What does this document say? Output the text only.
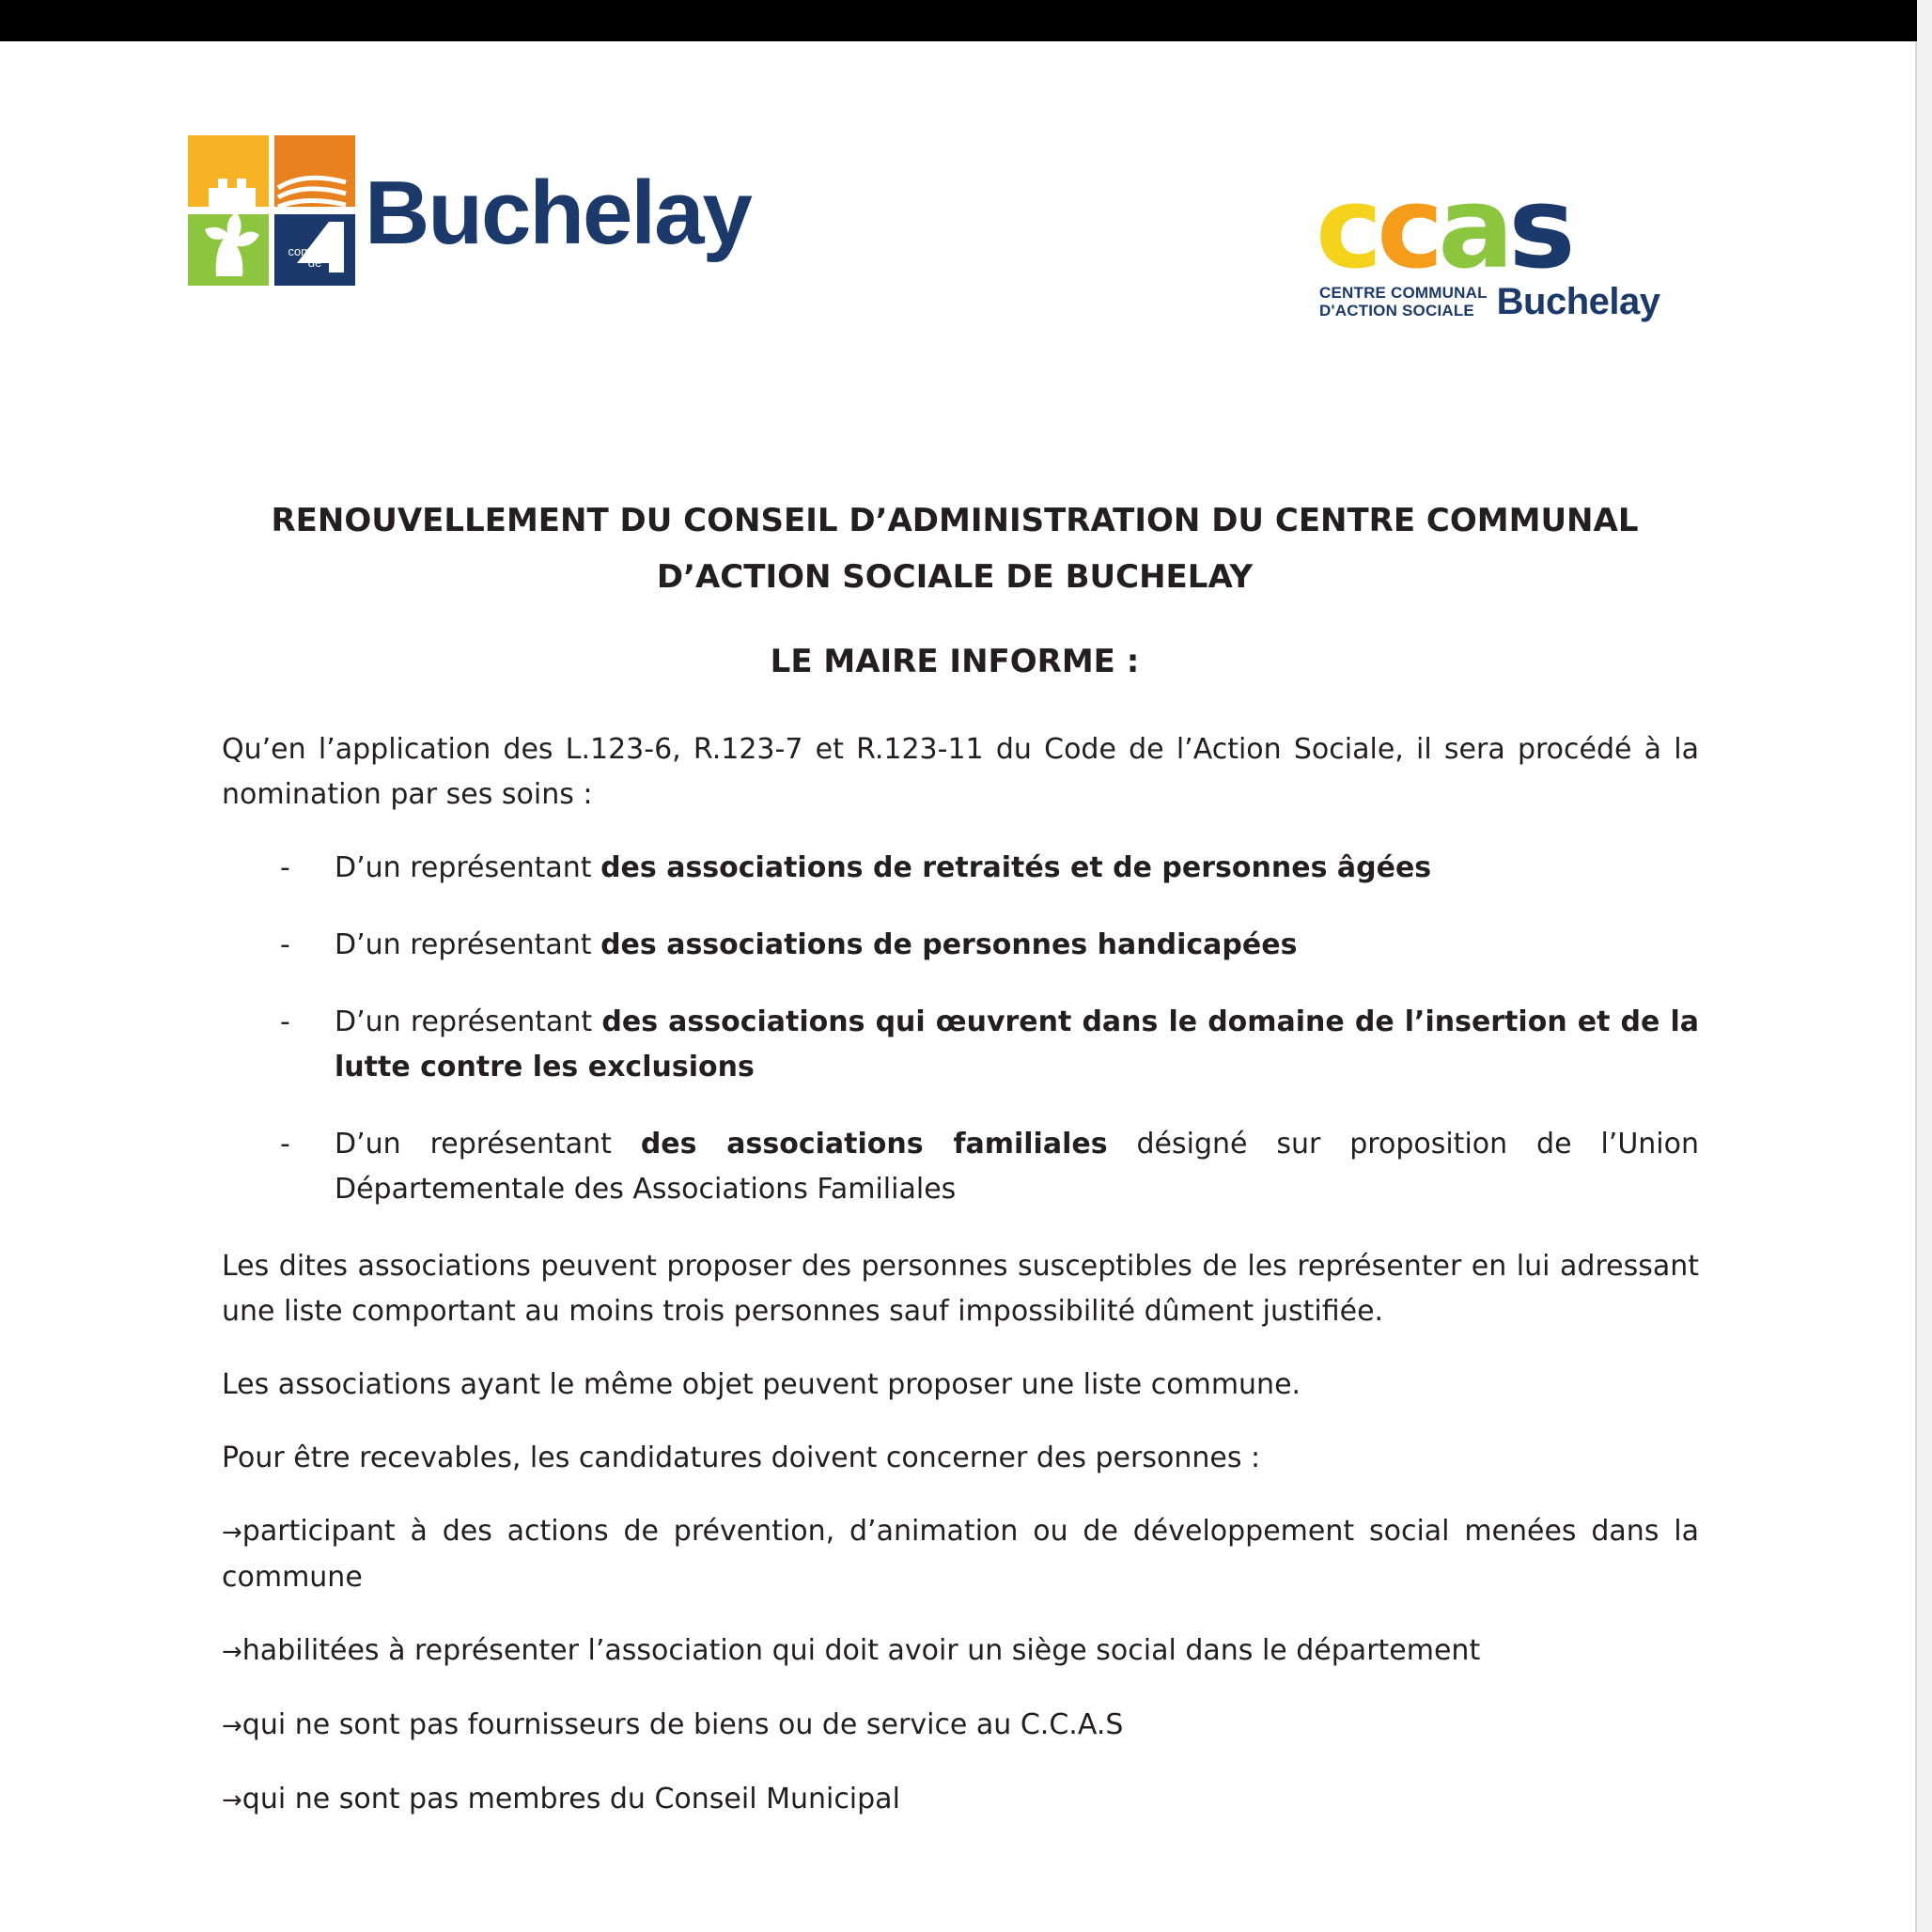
commune
de Buchelay	ccas
CENTRE COMMUNAL
D'ACTION SOCIALE Buchelay
RENOUVELLEMENT DU CONSEIL D’ADMINISTRATION DU CENTRE COMMUNAL D’ACTION SOCIALE DE BUCHELAY
LE MAIRE INFORME :

Qu’en l’application des L.123-6, R.123-7 et R.123-11 du Code de l’Action Sociale, il sera procédé à la nomination par ses soins :

- D’un représentant des associations de retraités et de personnes âgées
- D’un représentant des associations de personnes handicapées
- D’un représentant des associations qui œuvrent dans le domaine de l’insertion et de la lutte contre les exclusions
- D’un représentant des associations familiales désigné sur proposition de l’Union Départementale des Associations Familiales

Les dites associations peuvent proposer des personnes susceptibles de les représenter en lui adressant une liste comportant au moins trois personnes sauf impossibilité dûment justifiée.

Les associations ayant le même objet peuvent proposer une liste commune.

Pour être recevables, les candidatures doivent concerner des personnes :

→participant à des actions de prévention, d’animation ou de développement social menées dans la commune

→habilitées à représenter l’association qui doit avoir un siège social dans le département

→qui ne sont pas fournisseurs de biens ou de service au C.C.A.S

→qui ne sont pas membres du Conseil Municipal
